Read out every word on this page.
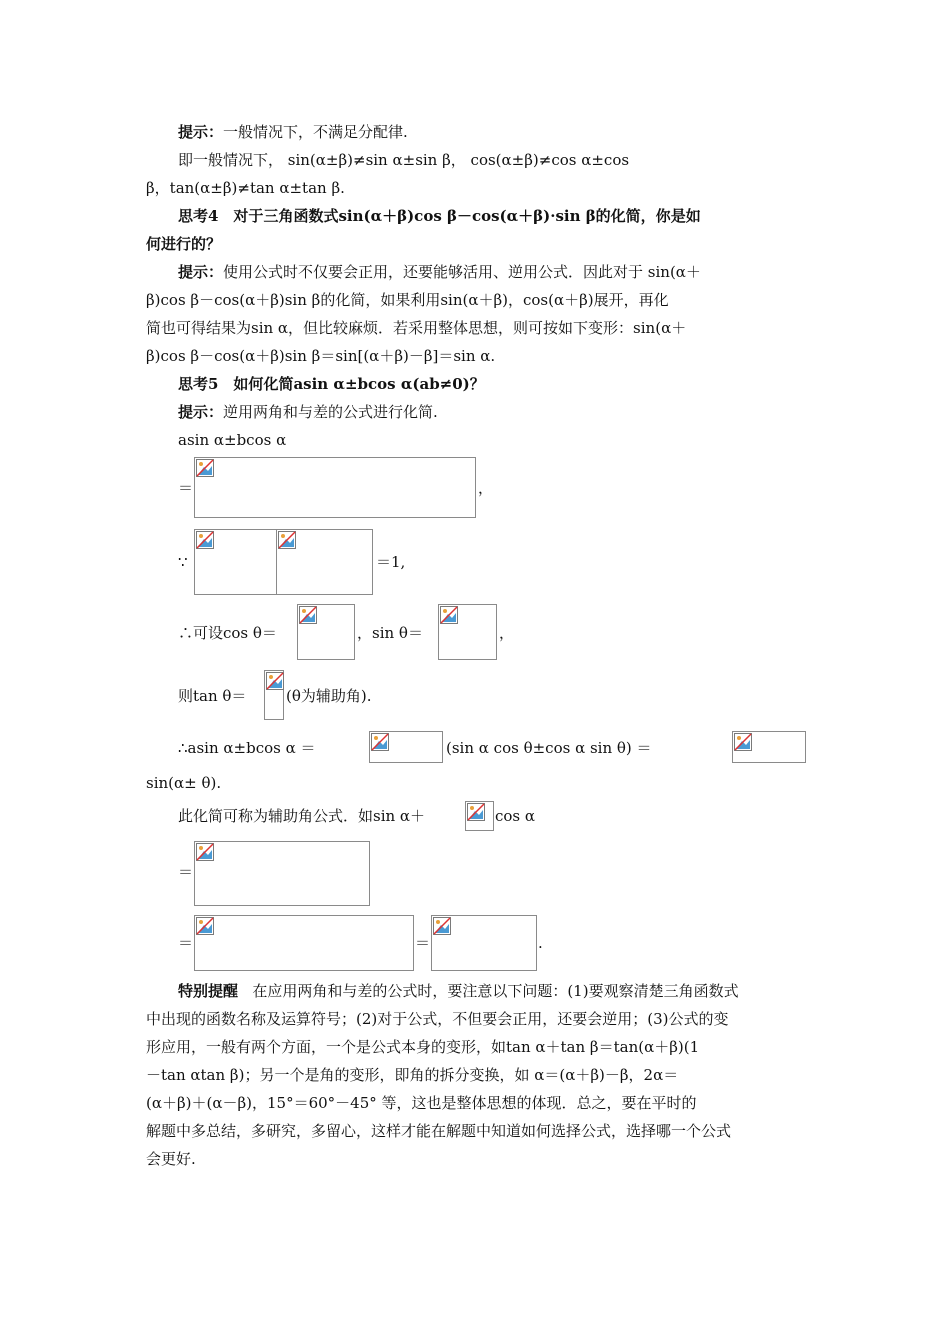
提示：一般情况下，不满足分配律.
即一般情况下， sin(α±β)≠sin α±sin β， cos(α±β)≠cos α±cos
β，tan(α±β)≠tan α±tan β.
思考4　对于三角函数式sin(α＋β)cos β－cos(α＋β)·sin β的化简，你是如
何进行的？
提示：使用公式时不仅要会正用，还要能够活用、逆用公式．因此对于 sin(α＋
β)cos β－cos(α＋β)sin β的化简，如果利用sin(α＋β)，cos(α＋β)展开，再化
简也可得结果为sin α，但比较麻烦．若采用整体思想，则可按如下变形：sin(α＋
β)cos β－cos(α＋β)sin β＝sin[(α＋β)－β]＝sin α.
思考5　如何化简asin α±bcos α(ab≠0)？
提示：逆用两角和与差的公式进行化简.
asin α±bcos α
＝	，
∵	＝1,
∴可设cos θ＝	，sin θ＝	，
则tan θ＝	(θ为辅助角).
∴asin α±bcos α ＝	(sin α cos θ±cos α sin θ) ＝
sin(α± θ).
此化简可称为辅助角公式．如sin α＋	cos α
＝
＝	＝	.
特别提醒 在应用两角和与差的公式时，要注意以下问题：(1)要观察清楚三角函数式
中出现的函数名称及运算符号；(2)对于公式，不但要会正用，还要会逆用；(3)公式的变
形应用，一般有两个方面，一个是公式本身的变形，如tan α＋tan β＝tan(α＋β)(1
－tan αtan β)；另一个是角的变形，即角的拆分变换，如 α＝(α＋β)－β，2α＝
(α＋β)＋(α－β)，15°＝60°－45° 等，这也是整体思想的体现．总之，要在平时的
解题中多总结，多研究，多留心，这样才能在解题中知道如何选择公式，选择哪一个公式
会更好.
